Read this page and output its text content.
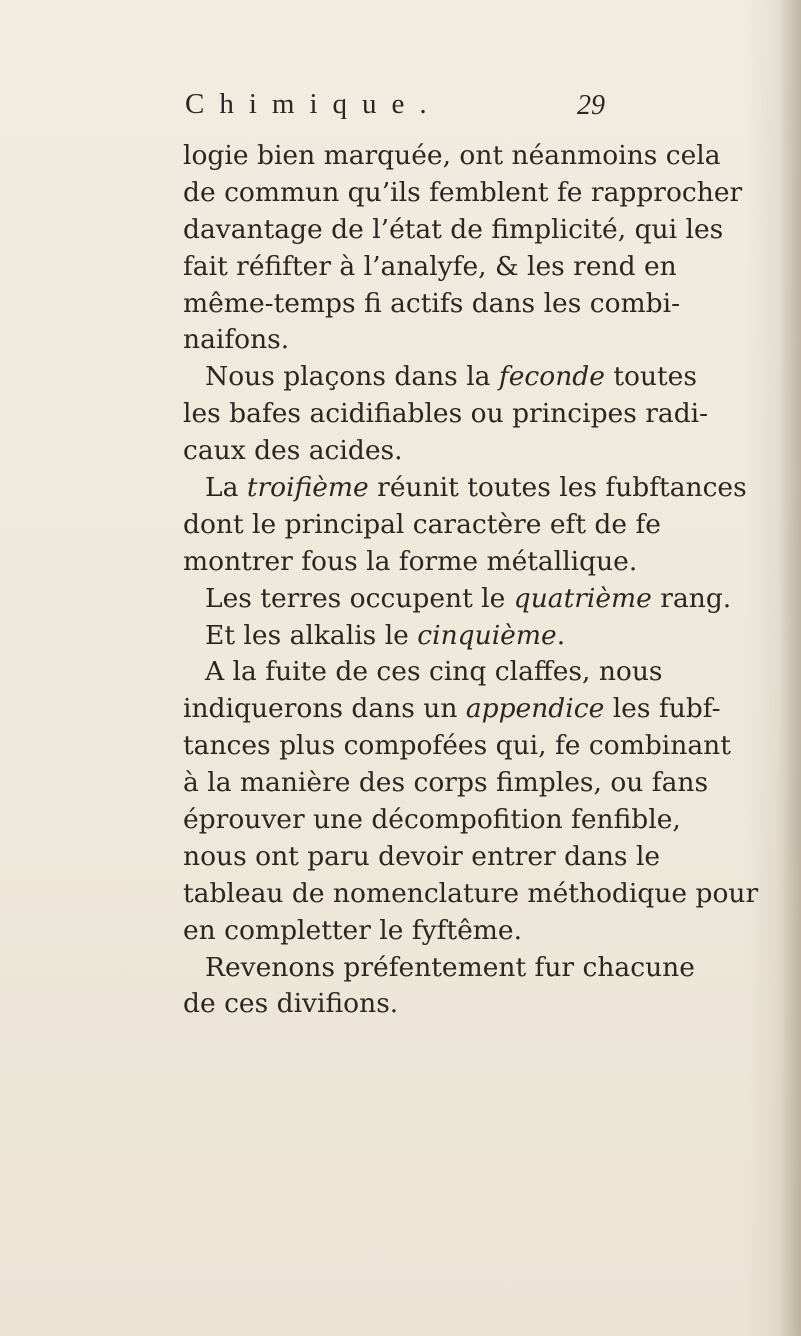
Chimique.	29
logie bien marquée, ont néanmoins cela
de commun qu’ils femblent fe rapprocher
davantage de l’état de fimplicité, qui les
fait réfifter à l’analyfe, & les rend en
même-temps fi actifs dans les combi-
naifons.
Nous plaçons dans la feconde toutes
les bafes acidifiables ou principes radi-
caux des acides.
La troifième réunit toutes les fubftances
dont le principal caractère eft de fe
montrer fous la forme métallique.
Les terres occupent le quatrième rang.
Et les alkalis le cinquième.
A la fuite de ces cinq claffes, nous
indiquerons dans un appendice les fubf-
tances plus compofées qui, fe combinant
à la manière des corps fimples, ou fans
éprouver une décompofition fenfible,
nous ont paru devoir entrer dans le
tableau de nomenclature méthodique pour
en completter le fyftême.
Revenons préfentement fur chacune
de ces divifions.
